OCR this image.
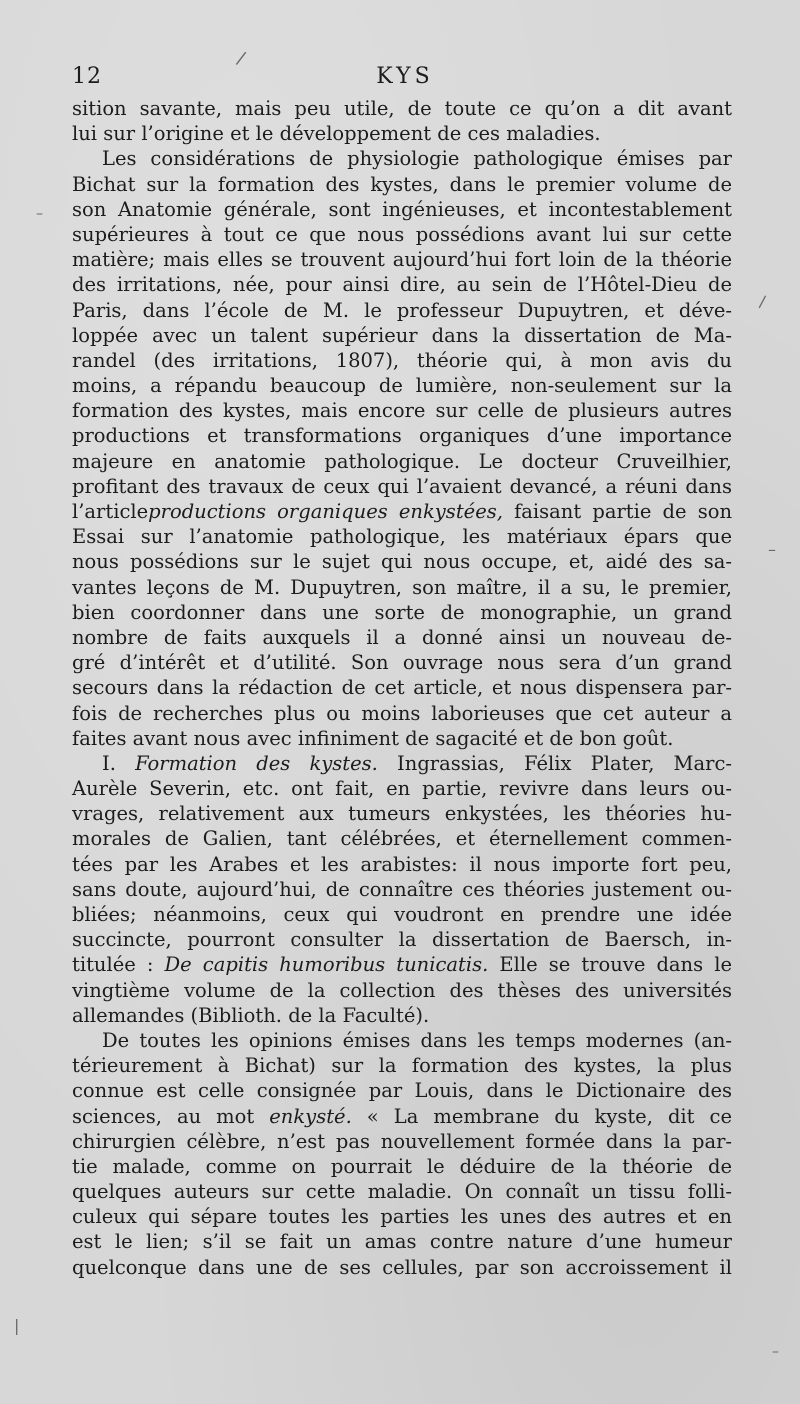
/
–
\
–
–
|
12	KYS
sition savante, mais peu utile, de toute ce qu’on a dit avant
lui sur l’origine et le développement de ces maladies.
Les considérations de physiologie pathologique émises par
Bichat sur la formation des kystes, dans le premier volume de
son Anatomie générale, sont ingénieuses, et incontestablement
supérieures à tout ce que nous possédions avant lui sur cette
matière; mais elles se trouvent aujourd’hui fort loin de la théorie
des irritations, née, pour ainsi dire, au sein de l’Hôtel-Dieu de
Paris, dans l’école de M. le professeur Dupuytren, et déve-
loppée avec un talent supérieur dans la dissertation de Ma-
randel (des irritations, 1807), théorie qui, à mon avis du
moins, a répandu beaucoup de lumière, non-seulement sur la
formation des kystes, mais encore sur celle de plusieurs autres
productions et transformations organiques d’une importance
majeure en anatomie pathologique. Le docteur Cruveilhier,
profitant des travaux de ceux qui l’avaient devancé, a réuni dans
l’articleproductions organiques enkystées, faisant partie de son
Essai sur l’anatomie pathologique, les matériaux épars que
nous possédions sur le sujet qui nous occupe, et, aidé des sa-
vantes leçons de M. Dupuytren, son maître, il a su, le premier,
bien coordonner dans une sorte de monographie, un grand
nombre de faits auxquels il a donné ainsi un nouveau de-
gré d’intérêt et d’utilité. Son ouvrage nous sera d’un grand
secours dans la rédaction de cet article, et nous dispensera par-
fois de recherches plus ou moins laborieuses que cet auteur a
faites avant nous avec infiniment de sagacité et de bon goût.
I. Formation des kystes. Ingrassias, Félix Plater, Marc-
Aurèle Severin, etc. ont fait, en partie, revivre dans leurs ou-
vrages, relativement aux tumeurs enkystées, les théories hu-
morales de Galien, tant célébrées, et éternellement commen-
tées par les Arabes et les arabistes: il nous importe fort peu,
sans doute, aujourd’hui, de connaître ces théories justement ou-
bliées; néanmoins, ceux qui voudront en prendre une idée
succincte, pourront consulter la dissertation de Baersch, in-
titulée : De capitis humoribus tunicatis. Elle se trouve dans le
vingtième volume de la collection des thèses des universités
allemandes (Biblioth. de la Faculté).
De toutes les opinions émises dans les temps modernes (an-
térieurement à Bichat) sur la formation des kystes, la plus
connue est celle consignée par Louis, dans le Dictionaire des
sciences, au mot enkysté. « La membrane du kyste, dit ce
chirurgien célèbre, n’est pas nouvellement formée dans la par-
tie malade, comme on pourrait le déduire de la théorie de
quelques auteurs sur cette maladie. On connaît un tissu folli-
culeux qui sépare toutes les parties les unes des autres et en
est le lien; s’il se fait un amas contre nature d’une humeur
quelconque dans une de ses cellules, par son accroissement il
